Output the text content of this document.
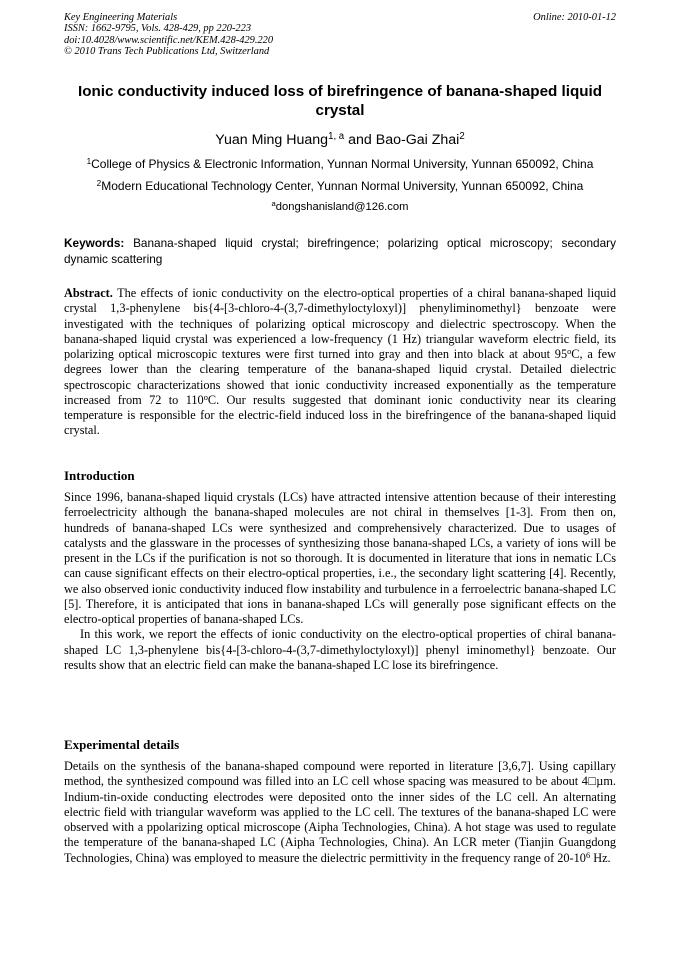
Key Engineering Materials
ISSN: 1662-9795, Vols. 428-429, pp 220-223
doi:10.4028/www.scientific.net/KEM.428-429.220
© 2010 Trans Tech Publications Ltd, Switzerland
Online: 2010-01-12
Ionic conductivity induced loss of birefringence of banana-shaped liquid crystal
Yuan Ming Huang$^{1, a}$ and Bao-Gai Zhai$^2$
$^1$College of Physics & Electronic Information, Yunnan Normal University, Yunnan 650092, China
$^2$Modern Educational Technology Center, Yunnan Normal University, Yunnan 650092, China
$^a$dongshanisland@126.com
Keywords: Banana-shaped liquid crystal; birefringence; polarizing optical microscopy; secondary dynamic scattering
Abstract. The effects of ionic conductivity on the electro-optical properties of a chiral banana-shaped liquid crystal 1,3-phenylene bis{4-[3-chloro-4-(3,7-dimethyloctyloxyl)] phenyliminomethyl} benzoate were investigated with the techniques of polarizing optical microscopy and dielectric spectroscopy. When the banana-shaped liquid crystal was experienced a low-frequency (1 Hz) triangular waveform electric field, its polarizing optical microscopic textures were first turned into gray and then into black at about 95$^o$C, a few degrees lower than the clearing temperature of the banana-shaped liquid crystal. Detailed dielectric spectroscopic characterizations showed that ionic conductivity increased exponentially as the temperature increased from 72 to 110$^o$C. Our results suggested that dominant ionic conductivity near its clearing temperature is responsible for the electric-field induced loss in the birefringence of the banana-shaped liquid crystal.
Introduction

Since 1996, banana-shaped liquid crystals (LCs) have attracted intensive attention because of their interesting ferroelectricity although the banana-shaped molecules are not chiral in themselves [1-3]. From then on, hundreds of banana-shaped LCs were synthesized and comprehensively characterized. Due to usages of catalysts and the glassware in the processes of synthesizing those banana-shaped LCs, a variety of ions will be present in the LCs if the purification is not so thorough. It is documented in literature that ions in nematic LCs can cause significant effects on their electro-optical properties, i.e., the secondary light scattering [4]. Recently, we also observed ionic conductivity induced flow instability and turbulence in a ferroelectric banana-shaped LC [5]. Therefore, it is anticipated that ions in banana-shaped LCs will generally pose significant effects on the electro-optical properties of banana-shaped LCs.

In this work, we report the effects of ionic conductivity on the electro-optical properties of chiral banana-shaped LC 1,3-phenylene bis{4-[3-chloro-4-(3,7-dimethyloctyloxyl)] phenyl iminomethyl} benzoate. Our results show that an electric field can make the banana-shaped LC lose its birefringence.

Experimental details
Details on the synthesis of the banana-shaped compound were reported in literature [3,6,7]. Using capillary method, the synthesized compound was filled into an LC cell whose spacing was measured to be about 4□µm. Indium-tin-oxide conducting electrodes were deposited onto the inner sides of the LC cell. An alternating electric field with triangular waveform was applied to the LC cell. The textures of the banana-shaped LC were observed with a ppolarizing optical microscope (Aipha Technologies, China). A hot stage was used to regulate the temperature of the banana-shaped LC (Aipha Technologies, China). An LCR meter (Tianjin Guangdong Technologies, China) was employed to measure the dielectric permittivity in the frequency range of $20-10^6$ Hz.
